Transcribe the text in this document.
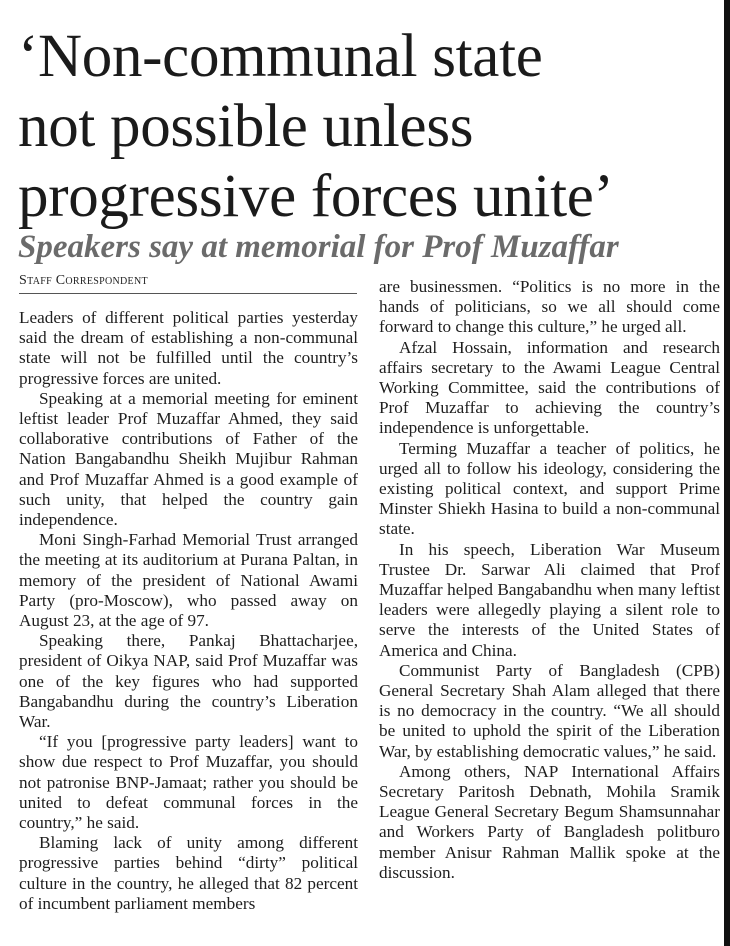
‘Non-communal state
not possible unless
progressive forces unite’
Speakers say at memorial for Prof Muzaffar
Staff Correspondent

Leaders of different political parties yesterday said the dream of establishing a non-communal state will not be fulfilled until the country’s progressive forces are united.

Speaking at a memorial meeting for eminent leftist leader Prof Muzaffar Ahmed, they said collaborative contributions of Father of the Nation Bangabandhu Sheikh Mujibur Rahman and Prof Muzaffar Ahmed is a good example of such unity, that helped the country gain independence.

Moni Singh-Farhad Memorial Trust arranged the meeting at its auditorium at Purana Paltan, in memory of the president of National Awami Party (pro-Moscow), who passed away on August 23, at the age of 97.

Speaking there, Pankaj Bhattacharjee, president of Oikya NAP, said Prof Muzaffar was one of the key figures who had supported Bangabandhu during the country’s Liberation War.

“If you [progressive party leaders] want to show due respect to Prof Muzaffar, you should not patronise BNP-Jamaat; rather you should be united to defeat communal forces in the country,” he said.

Blaming lack of unity among different progressive parties behind “dirty” political culture in the country, he alleged that 82 percent of incumbent parliament members

are businessmen. “Politics is no more in the hands of politicians, so we all should come forward to change this culture,” he urged all.

Afzal Hossain, information and research affairs secretary to the Awami League Central Working Committee, said the contributions of Prof Muzaffar to achieving the country’s independence is unforgettable.

Terming Muzaffar a teacher of politics, he urged all to follow his ideology, considering the existing political context, and support Prime Minster Shiekh Hasina to build a non-communal state.

In his speech, Liberation War Museum Trustee Dr. Sarwar Ali claimed that Prof Muzaffar helped Bangabandhu when many leftist leaders were allegedly playing a silent role to serve the interests of the United States of America and China.

Communist Party of Bangladesh (CPB) General Secretary Shah Alam alleged that there is no democracy in the country. “We all should be united to uphold the spirit of the Liberation War, by establishing democratic values,” he said.

Among others, NAP International Affairs Secretary Paritosh Debnath, Mohila Sramik League General Secretary Begum Shamsunnahar and Workers Party of Bangladesh politburo member Anisur Rahman Mallik spoke at the discussion.
